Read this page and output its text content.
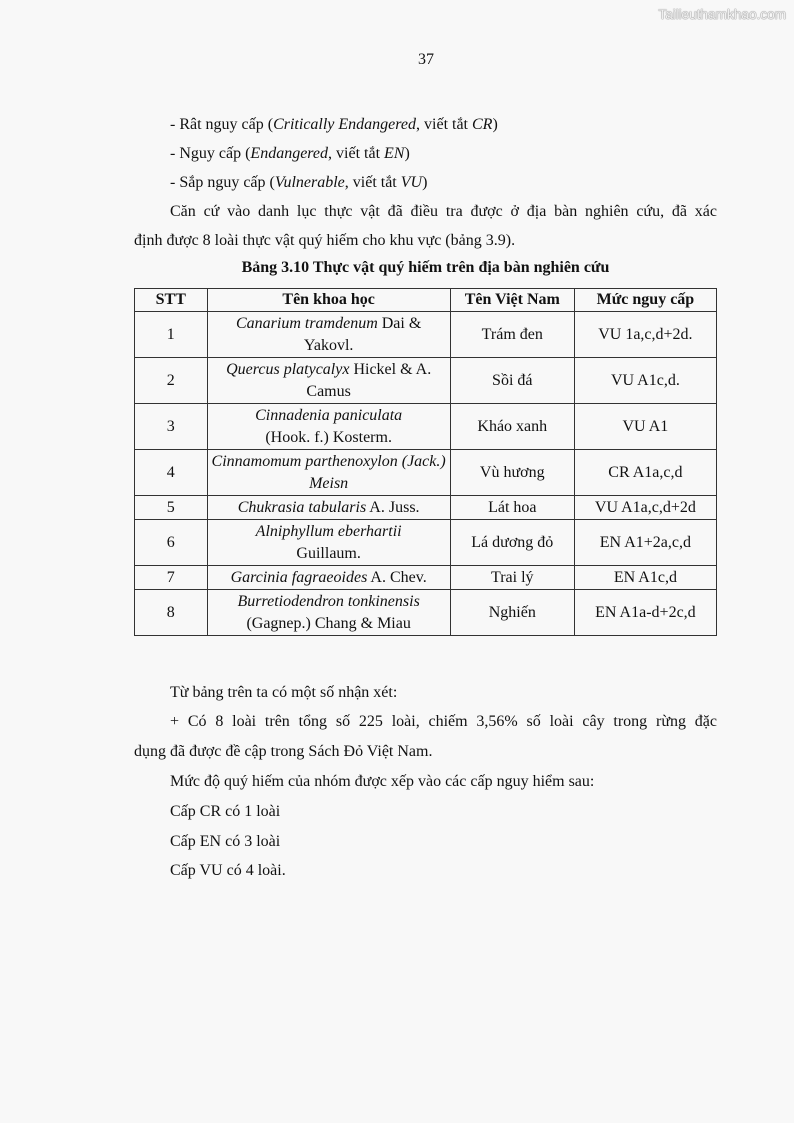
Tailieuthamkhao.com
37
- Rât nguy cấp (Critically Endangered, viết tắt CR)
- Nguy cấp (Endangered, viết tắt EN)
- Sắp nguy cấp (Vulnerable, viết tắt VU)
Căn cứ vào danh lục thực vật đã điều tra được ở địa bàn nghiên cứu, đã xác
định được 8 loài thực vật quý hiếm cho khu vực (bảng 3.9).
Bảng 3.10 Thực vật quý hiếm trên địa bàn nghiên cứu
STT	Tên khoa học	Tên Việt Nam	Mức nguy cấp
1	Canarium tramdenum Dai & Yakovl.	Trám đen	VU 1a,c,d+2d.
2	Quercus platycalyx Hickel & A. Camus	Sồi đá	VU A1c,d.
3	Cinnadenia paniculata
(Hook. f.) Kosterm.	Kháo xanh	VU A1
4	Cinnamomum parthenoxylon (Jack.) Meisn	Vù hương	CR A1a,c,d
5	Chukrasia tabularis A. Juss.	Lát hoa	VU A1a,c,d+2d
6	Alniphyllum eberhartii
Guillaum.	Lá dương đỏ	EN A1+2a,c,d
7	Garcinia fagraeoides A. Chev.	Trai lý	EN A1c,d
8	Burretiodendron tonkinensis
(Gagnep.) Chang & Miau	Nghiến	EN A1a-d+2c,d
Từ bảng trên ta có một số nhận xét:
+ Có 8 loài trên tổng số 225 loài, chiếm 3,56% số loài cây trong rừng đặc
dụng đã được đề cập trong Sách Đỏ Việt Nam.
Mức độ quý hiếm của nhóm được xếp vào các cấp nguy hiểm sau:
Cấp CR có 1 loài
Cấp EN có 3 loài
Cấp VU có 4 loài.
